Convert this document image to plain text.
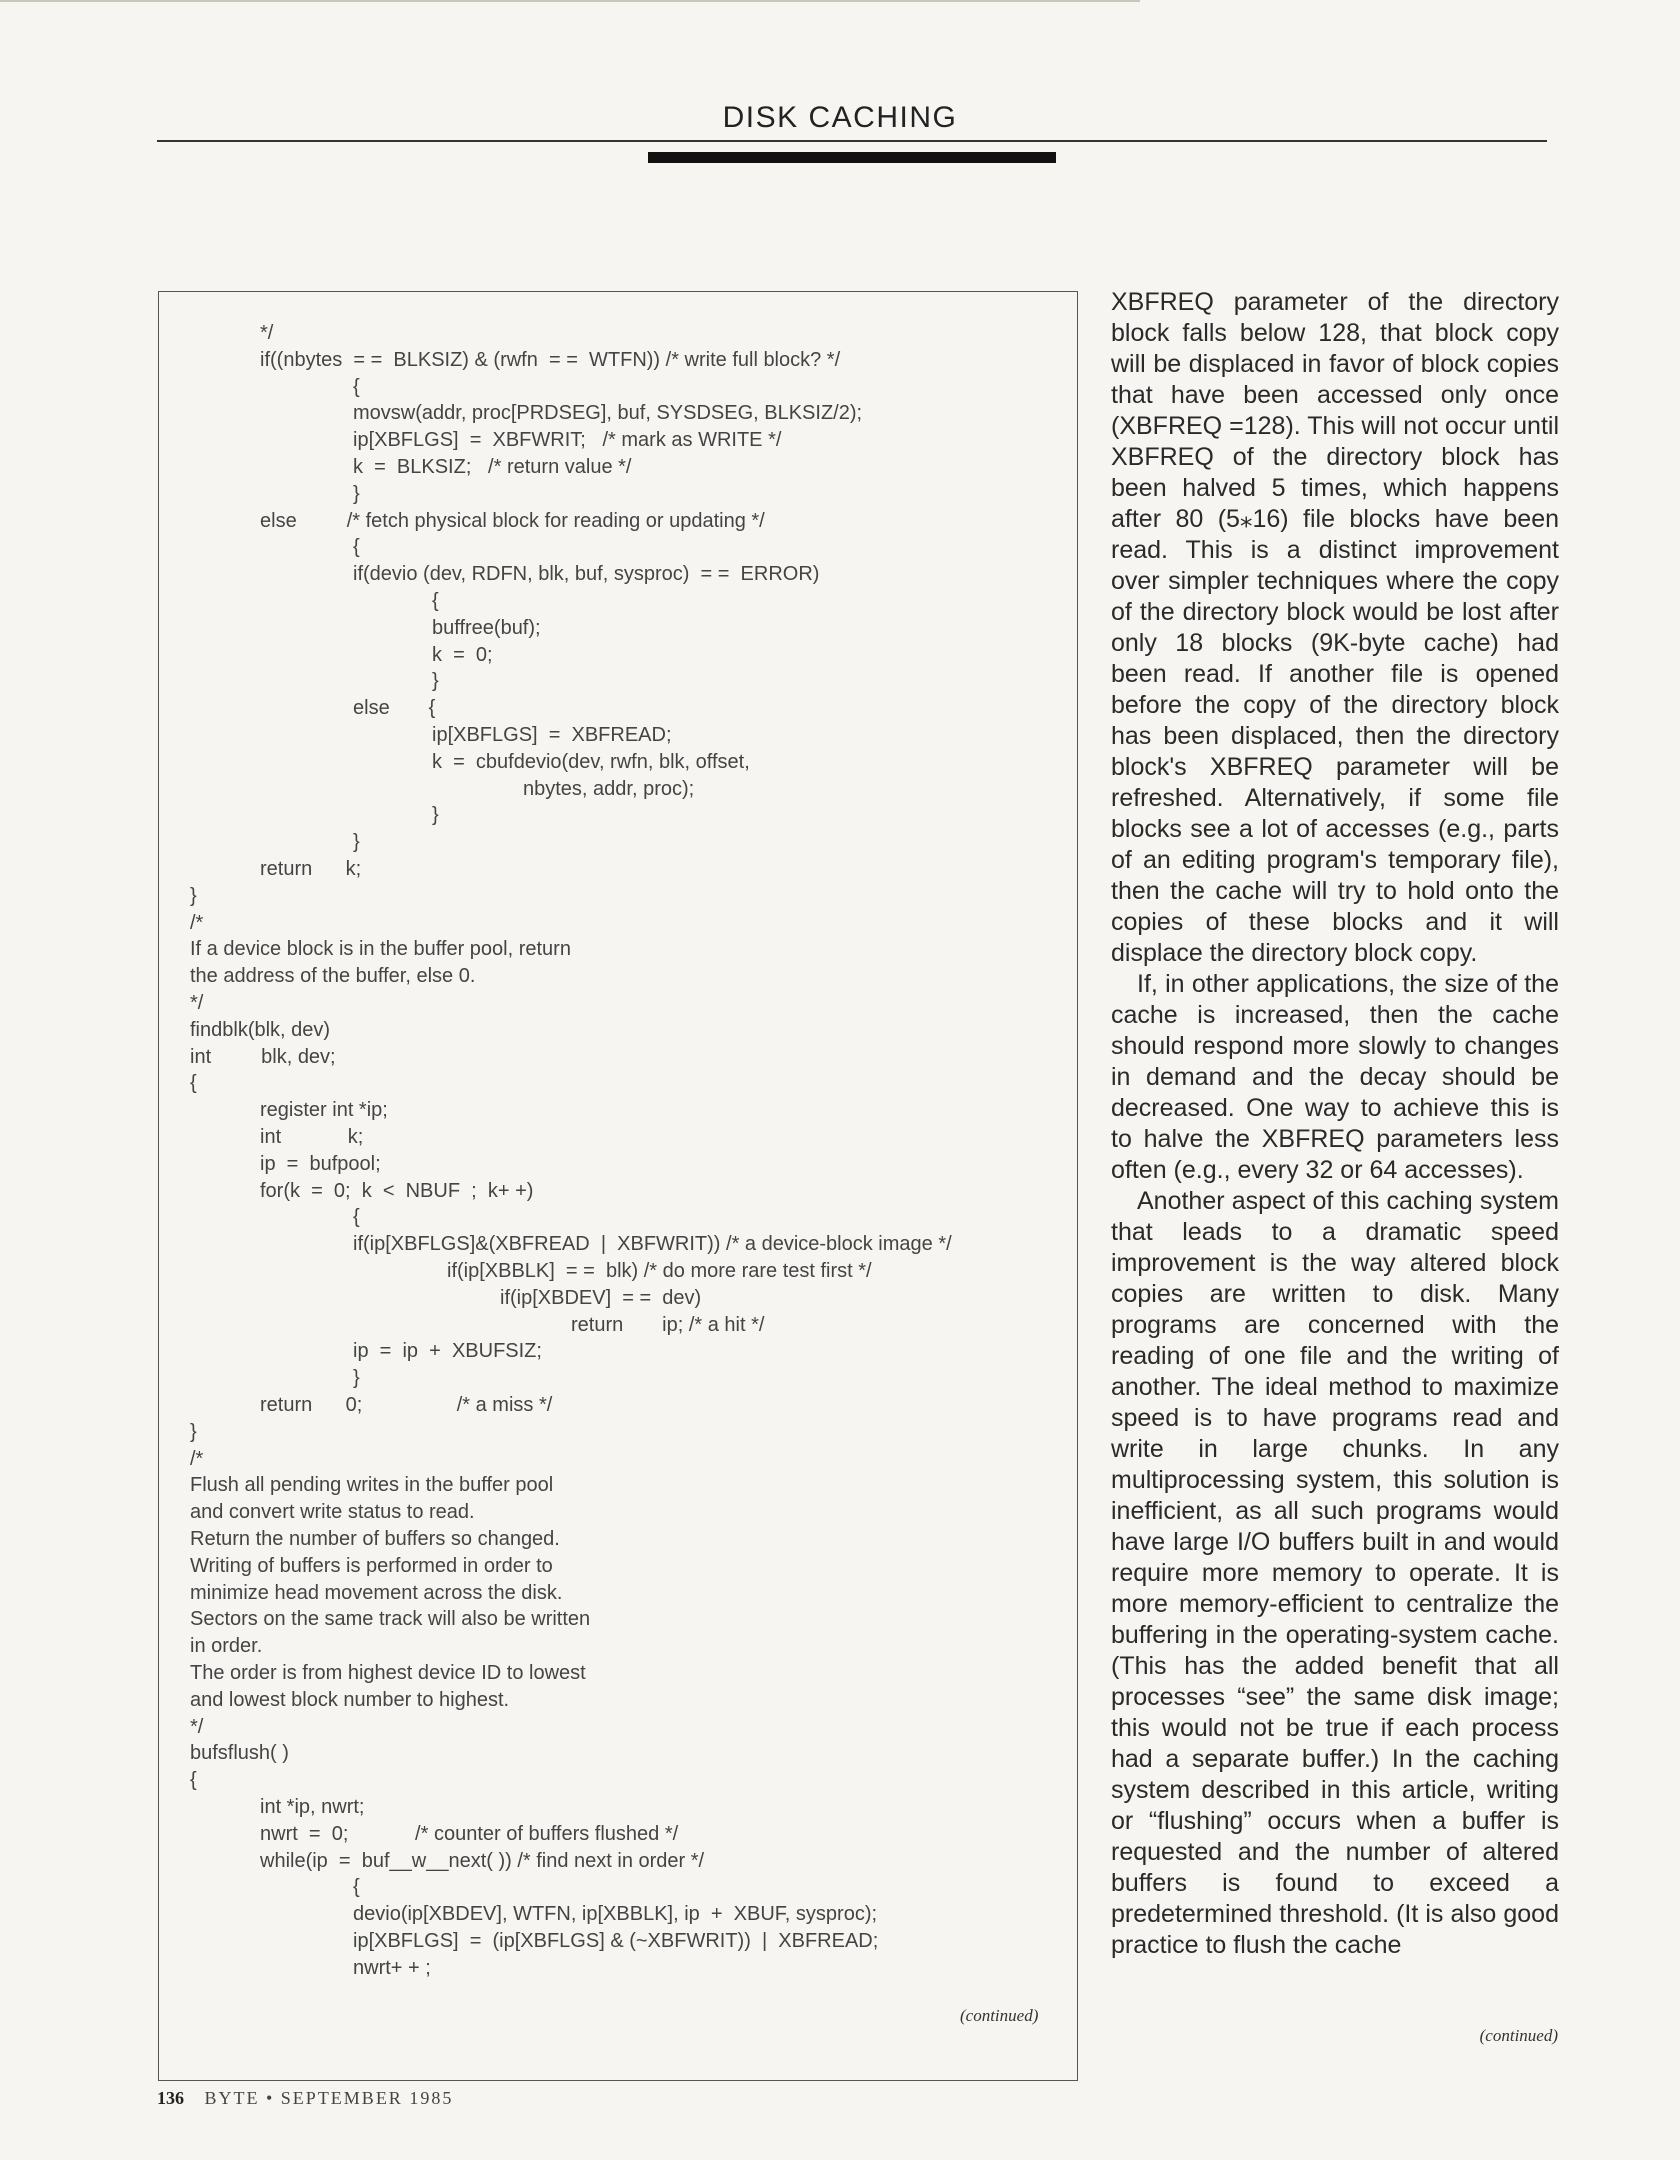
DISK CACHING
*/
if((nbytes  = =  BLKSIZ) & (rwfn  = =  WTFN)) /* write full block? */
{
movsw(addr, proc[PRDSEG], buf, SYSDSEG, BLKSIZ/2);
ip[XBFLGS]  =  XBFWRIT;   /* mark as WRITE */
k  =  BLKSIZ;   /* return value */
}
else         /* fetch physical block for reading or updating */
{
if(devio (dev, RDFN, blk, buf, sysproc)  = =  ERROR)
{
buffree(buf);
k  =  0;
}
else       {
ip[XBFLGS]  =  XBFREAD;
k  =  cbufdevio(dev, rwfn, blk, offset,
nbytes, addr, proc);
}
}
return      k;
}
/*
If a device block is in the buffer pool, return
the address of the buffer, else 0.
*/
findblk(blk, dev)
int         blk, dev;
{
register int *ip;
int            k;
ip  =  bufpool;
for(k  =  0;  k  <  NBUF  ;  k+ +)
{
if(ip[XBFLGS]&(XBFREAD  |  XBFWRIT)) /* a device-block image */
if(ip[XBBLK]  = =  blk) /* do more rare test first */
if(ip[XBDEV]  = =  dev)
return       ip; /* a hit */
ip  =  ip  +  XBUFSIZ;
}
return      0;                 /* a miss */
}
/*
Flush all pending writes in the buffer pool
and convert write status to read.
Return the number of buffers so changed.
Writing of buffers is performed in order to
minimize head movement across the disk.
Sectors on the same track will also be written
in order.
The order is from highest device ID to lowest
and lowest block number to highest.
*/
bufsflush( )
{
int *ip, nwrt;
nwrt  =  0;            /* counter of buffers flushed */
while(ip  =  buf__w__next( )) /* find next in order */
{
devio(ip[XBDEV], WTFN, ip[XBBLK], ip  +  XBUF, sysproc);
ip[XBFLGS]  =  (ip[XBFLGS] & (~XBFWRIT))  |  XBFREAD;
nwrt+ + ;
(continued)

XBFREQ parameter of the directory block falls below 128, that block copy will be displaced in favor of block copies that have been accessed only once (XBFREQ =128). This will not occur until XBFREQ of the directory block has been halved 5 times, which happens after 80 (5⁎16) file blocks have been read. This is a distinct improvement over simpler techniques where the copy of the directory block would be lost after only 18 blocks (9K-byte cache) had been read. If another file is opened before the copy of the directory block has been displaced, then the directory block's XBFREQ parameter will be refreshed. Alternatively, if some file blocks see a lot of accesses (e.g., parts of an editing program's temporary file), then the cache will try to hold onto the copies of these blocks and it will displace the directory block copy.

If, in other applications, the size of the cache is increased, then the cache should respond more slowly to changes in demand and the decay should be decreased. One way to achieve this is to halve the XBFREQ parameters less often (e.g., every 32 or 64 accesses).

Another aspect of this caching system that leads to a dramatic speed improvement is the way altered block copies are written to disk. Many programs are concerned with the reading of one file and the writing of another. The ideal method to maximize speed is to have programs read and write in large chunks. In any multiprocessing system, this solution is inefficient, as all such programs would have large I/O buffers built in and would require more memory to operate. It is more memory-efficient to centralize the buffering in the operating-system cache. (This has the added benefit that all processes “see” the same disk image; this would not be true if each process had a separate buffer.) In the caching system described in this article, writing or “flushing” occurs when a buffer is requested and the number of altered buffers is found to exceed a predetermined threshold. (It is also good practice to flush the cache

(continued)
136 BYTE • SEPTEMBER 1985
